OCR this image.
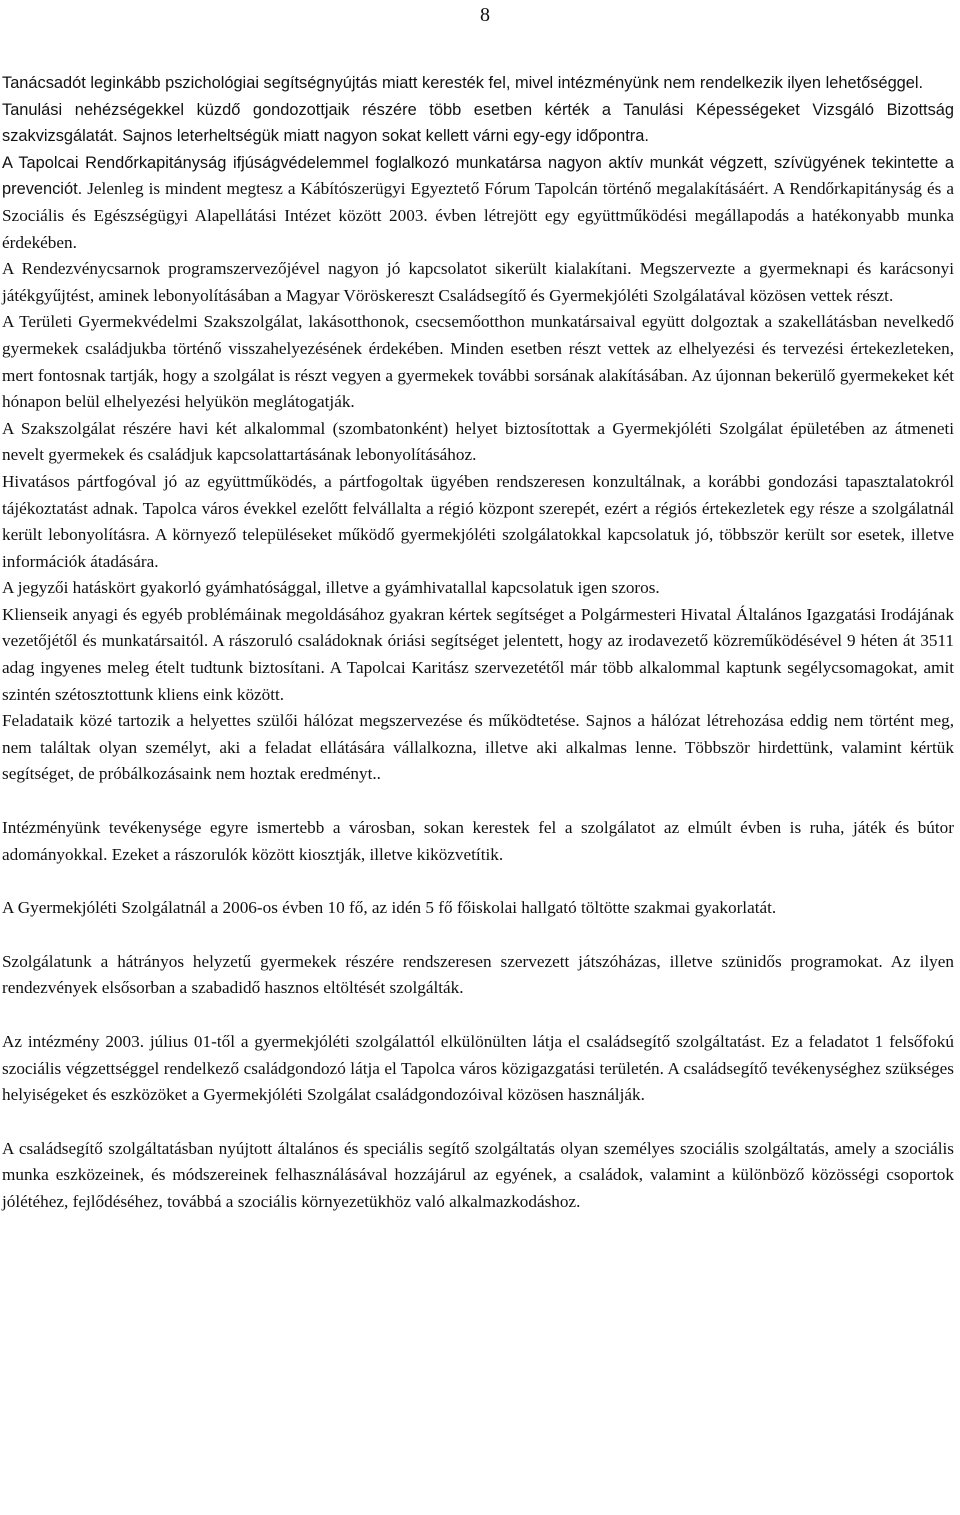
8

Tanácsadót leginkább pszichológiai segítségnyújtás miatt keresték fel, mivel intézményünk nem rendelkezik ilyen lehetőséggel.

Tanulási nehézségekkel küzdő gondozottjaik részére több esetben kérték a Tanulási Képességeket Vizsgáló Bizottság szakvizsgálatát. Sajnos leterheltségük miatt nagyon sokat kellett várni egy-egy időpontra.

A Tapolcai Rendőrkapitányság ifjúságvédelemmel foglalkozó munkatársa nagyon aktív munkát végzett, szívügyének tekintette a prevenciót. Jelenleg is mindent megtesz a Kábítószerügyi Egyeztető Fórum Tapolcán történő megalakításáért. A Rendőrkapitányság és a Szociális és Egészségügyi Alapellátási Intézet között 2003. évben létrejött egy együttműködési megállapodás a hatékonyabb munka érdekében.

A Rendezvénycsarnok programszervezőjével nagyon jó kapcsolatot sikerült kialakítani. Megszervezte a gyermeknapi és karácsonyi játékgyűjtést, aminek lebonyolításában a Magyar Vöröskereszt Családsegítő és Gyermekjóléti Szolgálatával közösen vettek részt.

A Területi Gyermekvédelmi Szakszolgálat, lakásotthonok, csecsemőotthon munkatársaival együtt dolgoztak a szakellátásban nevelkedő gyermekek családjukba történő visszahelyezésének érdekében. Minden esetben részt vettek az elhelyezési és tervezési értekezleteken, mert fontosnak tartják, hogy a szolgálat is részt vegyen a gyermekek további sorsának alakításában. Az újonnan bekerülő gyermekeket két hónapon belül elhelyezési helyükön meglátogatják.

A Szakszolgálat részére havi két alkalommal (szombatonként) helyet biztosítottak a Gyermekjóléti Szolgálat épületében az átmeneti nevelt gyermekek és családjuk kapcsolattartásának lebonyolításához.

Hivatásos pártfogóval jó az együttműködés, a pártfogoltak ügyében rendszeresen konzultálnak, a korábbi gondozási tapasztalatokról tájékoztatást adnak. Tapolca város évekkel ezelőtt felvállalta a régió központ szerepét, ezért a régiós értekezletek egy része a szolgálatnál került lebonyolításra. A környező településeket működő gyermekjóléti szolgálatokkal kapcsolatuk jó, többször került sor esetek, illetve információk átadására.

A jegyzői hatáskört gyakorló gyámhatósággal, illetve a gyámhivatallal kapcsolatuk igen szoros.

Klienseik anyagi és egyéb problémáinak megoldásához gyakran kértek segítséget a Polgármesteri Hivatal Általános Igazgatási Irodájának vezetőjétől és munkatársaitól. A rászoruló családoknak óriási segítséget jelentett, hogy az irodavezető közreműködésével 9 héten át 3511 adag ingyenes meleg ételt tudtunk biztosítani. A Tapolcai Karitász szervezetétől már több alkalommal kaptunk segélycsomagokat, amit szintén szétosztottunk kliens eink között.

Feladataik közé tartozik a helyettes szülői hálózat megszervezése és működtetése. Sajnos a hálózat létrehozása eddig nem történt meg, nem találtak olyan személyt, aki a feladat ellátására vállalkozna, illetve aki alkalmas lenne. Többször hirdettünk, valamint kértük segítséget, de próbálkozásaink nem hoztak eredményt..

Intézményünk tevékenysége egyre ismertebb a városban, sokan kerestek fel a szolgálatot az elmúlt évben is ruha, játék és bútor adományokkal. Ezeket a rászorulók között kiosztják, illetve kiközvetítik.

A Gyermekjóléti Szolgálatnál a 2006-os évben 10 fő, az idén 5 fő főiskolai hallgató töltötte szakmai gyakorlatát.

Szolgálatunk a hátrányos helyzetű gyermekek részére rendszeresen szervezett játszóházas, illetve szünidős programokat. Az ilyen rendezvények elsősorban a szabadidő hasznos eltöltését szolgálták.

Az intézmény 2003. július 01-től a gyermekjóléti szolgálattól elkülönülten látja el családsegítő szolgáltatást. Ez a feladatot 1 felsőfokú szociális végzettséggel rendelkező családgondozó látja el Tapolca város közigazgatási területén. A családsegítő tevékenységhez szükséges helyiségeket és eszközöket a Gyermekjóléti Szolgálat családgondozóival közösen használják.

A családsegítő szolgáltatásban nyújtott általános és speciális segítő szolgáltatás olyan személyes szociális szolgáltatás, amely a szociális munka eszközeinek, és módszereinek felhasználásával hozzájárul az egyének, a családok, valamint a különböző közösségi csoportok jólétéhez, fejlődéséhez, továbbá a szociális környezetükhöz való alkalmazkodáshoz.
